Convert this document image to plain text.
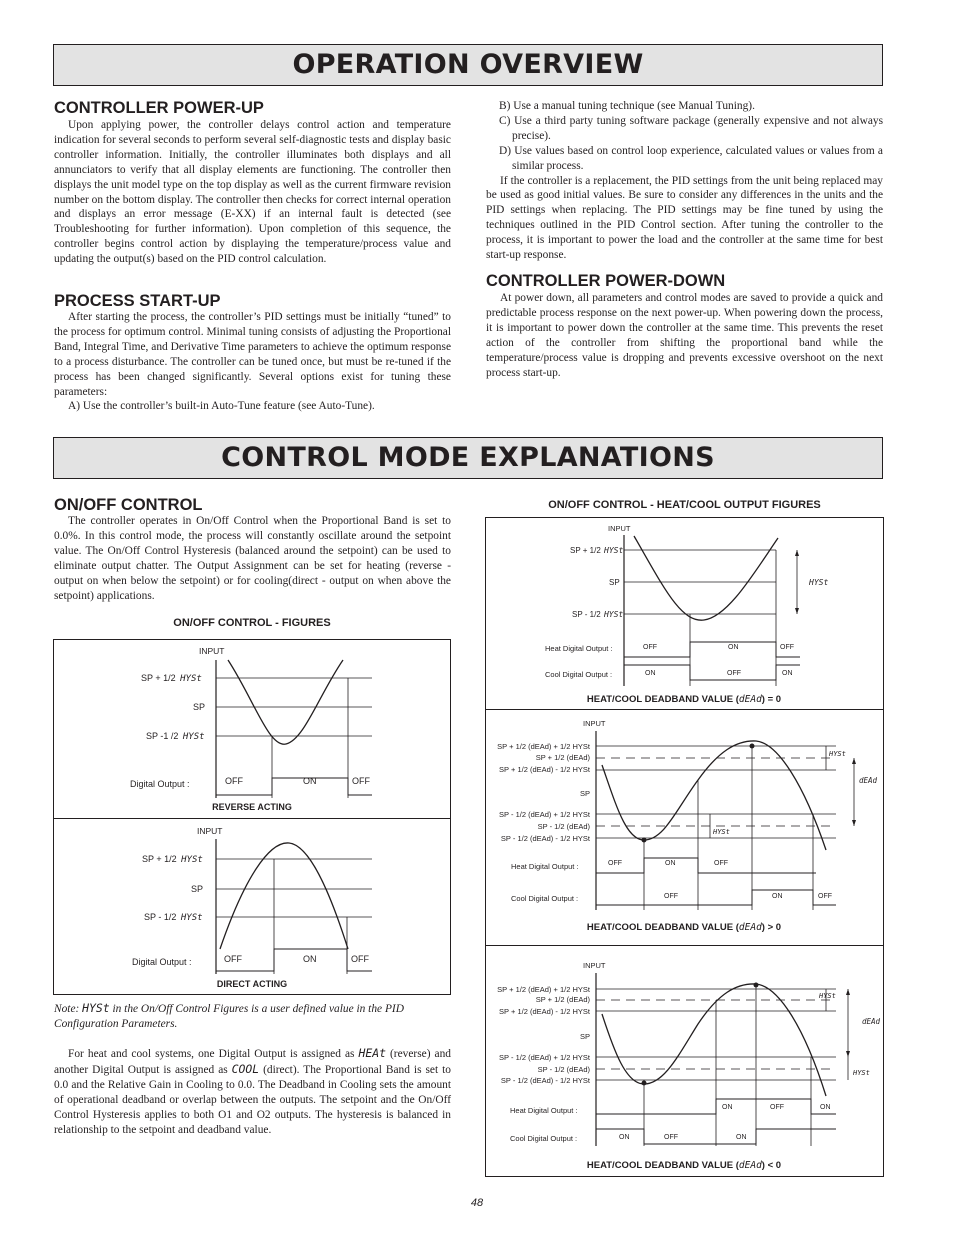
OPERATION OVERVIEW
CONTROLLER POWER-UP

Upon applying power, the controller delays control action and temperature indication for several seconds to perform several self-diagnostic tests and display basic controller information. Initially, the controller illuminates both displays and all annunciators to verify that all display elements are functioning. The controller then displays the unit model type on the top display as well as the current firmware revision number on the bottom display. The controller then checks for correct internal operation and displays an error message (E-XX) if an internal fault is detected (see Troubleshooting for further information). Upon completion of this sequence, the controller begins control action by displaying the temperature/process value and updating the output(s) based on the PID control calculation.

PROCESS START-UP

After starting the process, the controller’s PID settings must be initially “tuned” to the process for optimum control. Minimal tuning consists of adjusting the Proportional Band, Integral Time, and Derivative Time parameters to achieve the optimum response to a process disturbance. The controller can be tuned once, but must be re-tuned if the process has been changed significantly. Several options exist for tuning these parameters:

A) Use the controller’s built-in Auto-Tune feature (see Auto-Tune).

B) Use a manual tuning technique (see Manual Tuning).

C) Use a third party tuning software package (generally expensive and not always precise).

D) Use values based on control loop experience, calculated values or values from a similar process.

If the controller is a replacement, the PID settings from the unit being replaced may be used as good initial values. Be sure to consider any differences in the units and the PID settings when replacing. The PID settings may be fine tuned by using the techniques outlined in the PID Control section. After tuning the controller to the process, it is important to power the load and the controller at the same time for best start-up response.

CONTROLLER POWER-DOWN

At power down, all parameters and control modes are saved to provide a quick and predictable process response on the next power-up. When powering down the process, it is important to power down the controller at the same time. This prevents the reset action of the controller from shifting the proportional band while the temperature/process value is dropping and prevents excessive overshoot on the next process start-up.

CONTROL MODE EXPLANATIONS
ON/OFF CONTROL

The controller operates in On/Off Control when the Proportional Band is set to 0.0%. In this control mode, the process will constantly oscillate around the setpoint value. The On/Off Control Hysteresis (balanced around the setpoint) can be used to eliminate output chatter. The Output Assignment can be set for heating (reverse - output on when below the setpoint) or for cooling(direct - output on when above the setpoint) applications.

ON/OFF CONTROL - FIGURES
INPUT
SP + 1/2 HYSt
SP
SP -1 /2 HYSt
Digital Output :	OFF	ON	OFF
REVERSE ACTING
INPUT
SP + 1/2 HYSt
SP
SP - 1/2 HYSt
Digital Output :	OFF	ON	OFF
DIRECT ACTING
Note: HYSt in the On/Off Control Figures is a user defined value in the PID Configuration Parameters.

For heat and cool systems, one Digital Output is assigned as HEAt (reverse) and another Digital Output is assigned as COOL (direct). The Proportional Band is set to 0.0 and the Relative Gain in Cooling to 0.0. The Deadband in Cooling sets the amount of operational deadband or overlap between the outputs. The setpoint and the On/Off Control Hysteresis applies to both O1 and O2 outputs. The hysteresis is balanced in relationship to the setpoint and deadband value.

ON/OFF CONTROL - HEAT/COOL OUTPUT FIGURES
INPUT
SP + 1/2 HYSt
SP
SP - 1/2 HYSt
HYSt
Heat Digital Output :	OFF	ON	OFF
Cool Digital Output :	ON	OFF	ON
HEAT/COOL DEADBAND VALUE (dEAd) = 0
INPUT
SP + 1/2 (dEAd) + 1/2 HYSt
SP + 1/2 (dEAd)
SP + 1/2 (dEAd) - 1/2 HYSt
SP
SP - 1/2 (dEAd) + 1/2 HYSt
SP - 1/2 (dEAd)
SP - 1/2 (dEAd) - 1/2 HYSt
HYSt
HYSt
dEAd
Heat Digital Output :	OFF	ON	OFF
Cool Digital Output :	OFF	ON	OFF
HEAT/COOL DEADBAND VALUE (dEAd) > 0
INPUT
SP + 1/2 (dEAd) + 1/2 HYSt
SP + 1/2 (dEAd)
SP + 1/2 (dEAd) - 1/2 HYSt
SP
SP - 1/2 (dEAd) + 1/2 HYSt
SP - 1/2 (dEAd)
SP - 1/2 (dEAd) - 1/2 HYSt
HYSt
dEAd
HYSt
Heat Digital Output :	ON	OFF	ON
Cool Digital Output :	ON	OFF	ON
HEAT/COOL DEADBAND VALUE (dEAd) < 0
48
